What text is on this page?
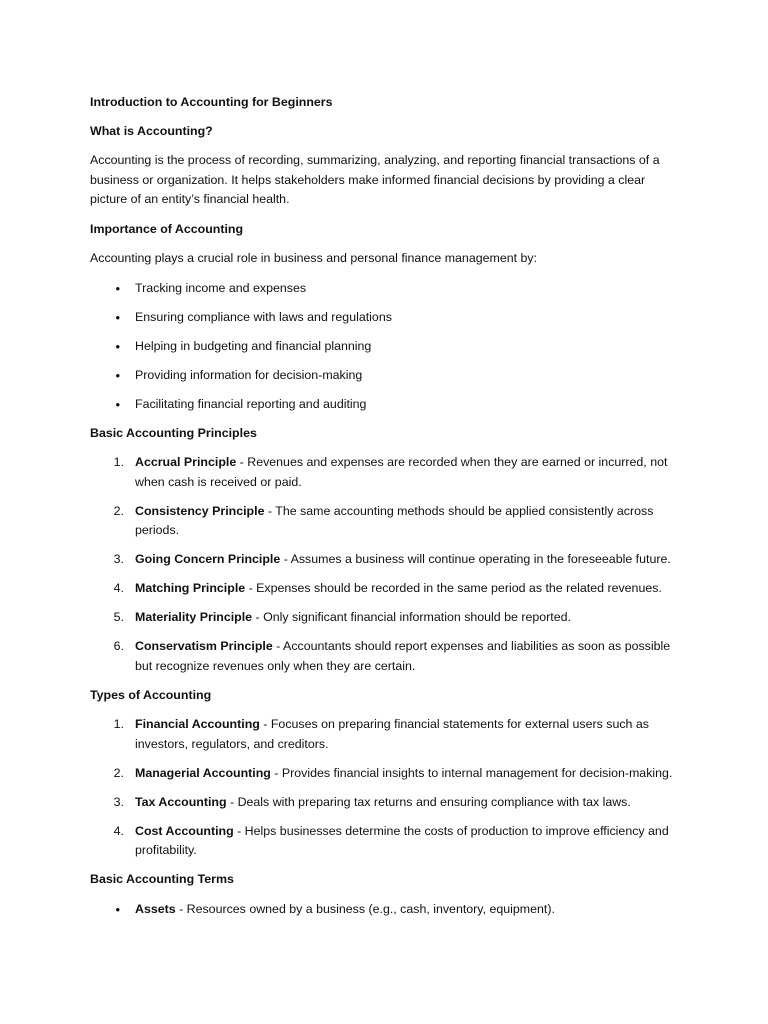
Introduction to Accounting for Beginners
What is Accounting?

Accounting is the process of recording, summarizing, analyzing, and reporting financial transactions of a business or organization. It helps stakeholders make informed financial decisions by providing a clear picture of an entity’s financial health.

Importance of Accounting

Accounting plays a crucial role in business and personal finance management by:

• Tracking income and expenses
• Ensuring compliance with laws and regulations
• Helping in budgeting and financial planning
• Providing information for decision-making
• Facilitating financial reporting and auditing
Basic Accounting Principles
1. Accrual Principle - Revenues and expenses are recorded when they are earned or incurred, not when cash is received or paid.
2. Consistency Principle - The same accounting methods should be applied consistently across periods.
3. Going Concern Principle - Assumes a business will continue operating in the foreseeable future.
4. Matching Principle - Expenses should be recorded in the same period as the related revenues.
5. Materiality Principle - Only significant financial information should be reported.
6. Conservatism Principle - Accountants should report expenses and liabilities as soon as possible but recognize revenues only when they are certain.
Types of Accounting
1. Financial Accounting - Focuses on preparing financial statements for external users such as investors, regulators, and creditors.
2. Managerial Accounting - Provides financial insights to internal management for decision-making.
3. Tax Accounting - Deals with preparing tax returns and ensuring compliance with tax laws.
4. Cost Accounting - Helps businesses determine the costs of production to improve efficiency and profitability.
Basic Accounting Terms
• Assets - Resources owned by a business (e.g., cash, inventory, equipment).
